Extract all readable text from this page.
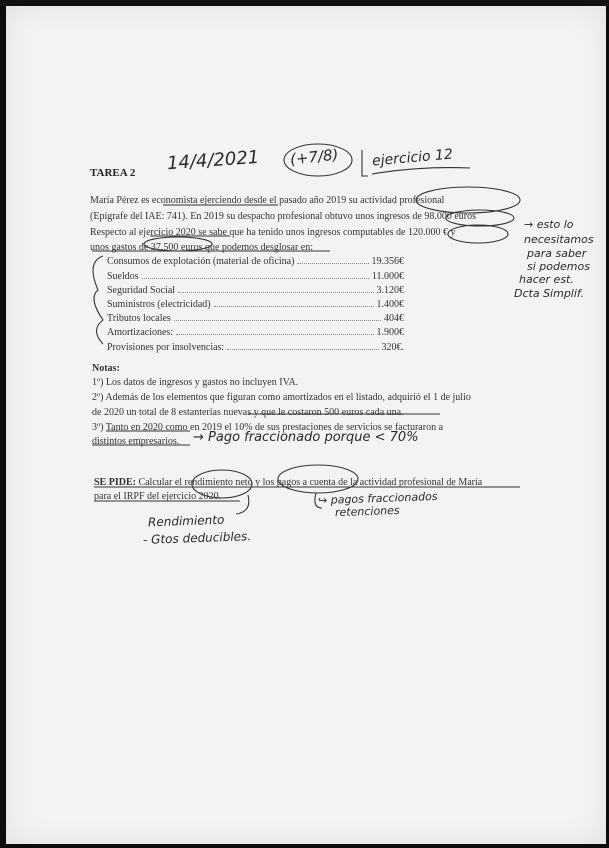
TAREA 2 14/4/2021 (+7/8) ejercicio 12
María Pérez es economista ejerciendo desde el pasado año 2019 su actividad profesional
(Epígrafe del IAE: 741). En 2019 su despacho profesional obtuvo unos ingresos de 98.000 euros
Respecto al ejercicio 2020 se sabe que ha tenido unos ingresos computables de 120.000 € y
unos gastos de 37.500 euros que podemos desglosar en:
Consumos de explotación (material de oficina)	19.356€
Sueldos	11.000€
Seguridad Social	3.120€
Suministros (electricidad)	1.400€
Tributos locales	404€
Amortizaciones:	1.900€
Provisiones por insolvencias:	320€.
→ esto lo
necesitamos
para saber
si podemos
hacer est.
Dcta Simplif.
Notas:
1º) Los datos de ingresos y gastos no incluyen IVA.
2º) Además de los elementos que figuran como amortizados en el listado, adquirió el 1 de julio
de 2020 un total de 8 estanterías nuevas y que le costaron 500 euros cada una.
3º) Tanto en 2020 como en 2019 el 10% de sus prestaciones de servicios se facturaron a
distintos empresarios. → Pago fraccionado porque < 70%
SE PIDE: Calcular el rendimiento neto y los pagos a cuenta de la actividad profesional de María
para el IRPF del ejercicio 2020.
Rendimiento
- Gtos deducibles.
↪ pagos fraccionados
retenciones
